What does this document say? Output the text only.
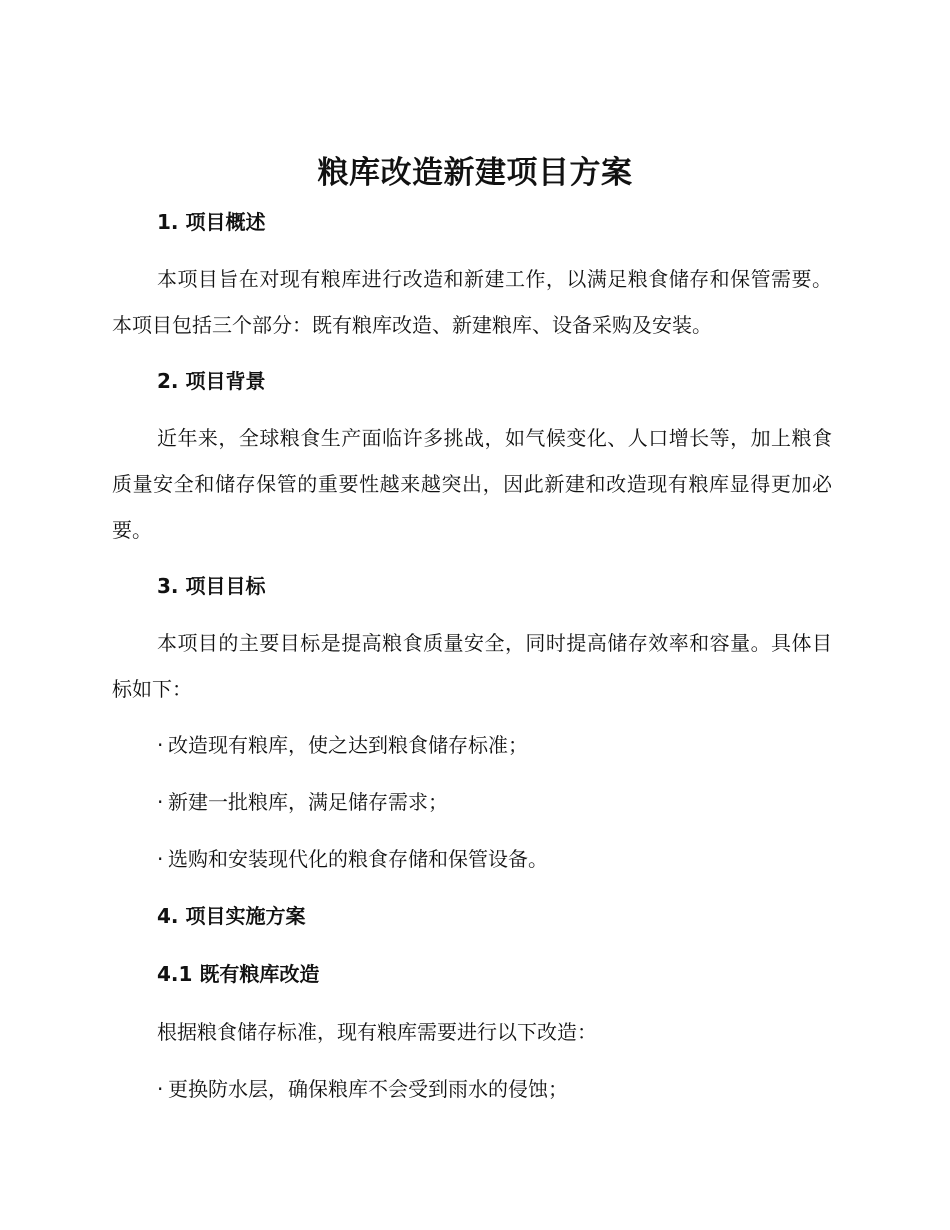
粮库改造新建项目方案
1. 项目概述
本项目旨在对现有粮库进行改造和新建工作，以满足粮食储存和保管需要。本项目包括三个部分：既有粮库改造、新建粮库、设备采购及安装。
2. 项目背景
近年来，全球粮食生产面临许多挑战，如气候变化、人口增长等，加上粮食质量安全和储存保管的重要性越来越突出，因此新建和改造现有粮库显得更加必要。
3. 项目目标
本项目的主要目标是提高粮食质量安全，同时提高储存效率和容量。具体目标如下：
· 改造现有粮库，使之达到粮食储存标准；
· 新建一批粮库，满足储存需求；
· 选购和安装现代化的粮食存储和保管设备。
4. 项目实施方案
4.1 既有粮库改造
根据粮食储存标准，现有粮库需要进行以下改造：
· 更换防水层，确保粮库不会受到雨水的侵蚀；
